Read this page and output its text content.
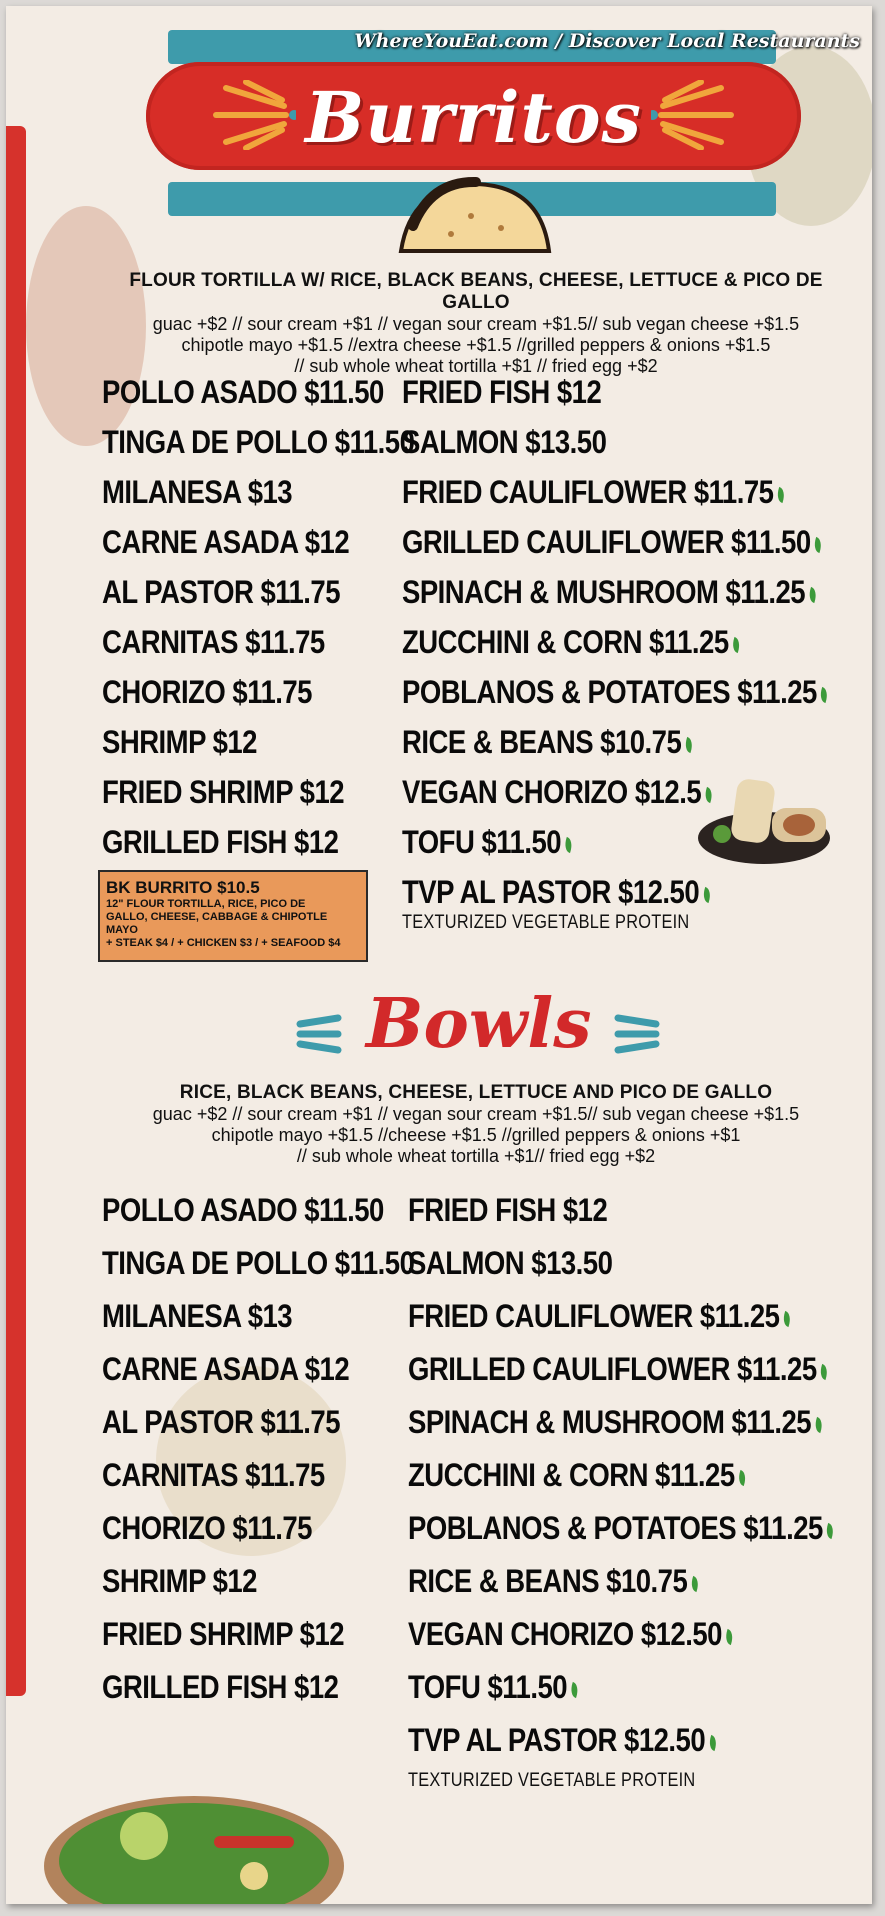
Burritos
WhereYouEat.com / Discover Local Restaurants
FLOUR TORTILLA W/ RICE, BLACK BEANS, CHEESE, LETTUCE & PICO DE GALLO
guac +$2 // sour cream +$1 // vegan sour cream +$1.5// sub vegan cheese +$1.5
chipotle mayo +$1.5 //extra cheese +$1.5 //grilled peppers & onions +$1.5
// sub whole wheat tortilla +$1 // fried egg +$2
POLLO ASADO $11.50
TINGA DE POLLO $11.50
MILANESA $13
CARNE ASADA $12
AL PASTOR $11.75
CARNITAS $11.75
CHORIZO $11.75
SHRIMP $12
FRIED SHRIMP $12
GRILLED FISH $12
FRIED FISH $12
SALMON $13.50
FRIED CAULIFLOWER $11.75
GRILLED CAULIFLOWER $11.50
SPINACH & MUSHROOM $11.25
ZUCCHINI & CORN $11.25
POBLANOS & POTATOES $11.25
RICE & BEANS $10.75
VEGAN CHORIZO $12.5
TOFU $11.50
TVP AL PASTOR $12.50
TEXTURIZED VEGETABLE PROTEIN
BK BURRITO $10.5
12" FLOUR TORTILLA, RICE, PICO DE
GALLO, CHEESE, CABBAGE & CHIPOTLE MAYO
+ STEAK $4 / + CHICKEN $3 / + SEAFOOD $4
Bowls
RICE, BLACK BEANS, CHEESE, LETTUCE AND PICO DE GALLO
guac +$2 // sour cream +$1 // vegan sour cream +$1.5// sub vegan cheese +$1.5
chipotle mayo +$1.5 //cheese +$1.5 //grilled peppers & onions +$1
// sub whole wheat tortilla +$1// fried egg +$2
POLLO ASADO $11.50
TINGA DE POLLO $11.50
MILANESA $13
CARNE ASADA $12
AL PASTOR $11.75
CARNITAS $11.75
CHORIZO $11.75
SHRIMP $12
FRIED SHRIMP $12
GRILLED FISH $12
FRIED FISH $12
SALMON $13.50
FRIED CAULIFLOWER $11.25
GRILLED CAULIFLOWER $11.25
SPINACH & MUSHROOM $11.25
ZUCCHINI & CORN $11.25
POBLANOS & POTATOES $11.25
RICE & BEANS $10.75
VEGAN CHORIZO $12.50
TOFU $11.50
TVP AL PASTOR $12.50
TEXTURIZED VEGETABLE PROTEIN
